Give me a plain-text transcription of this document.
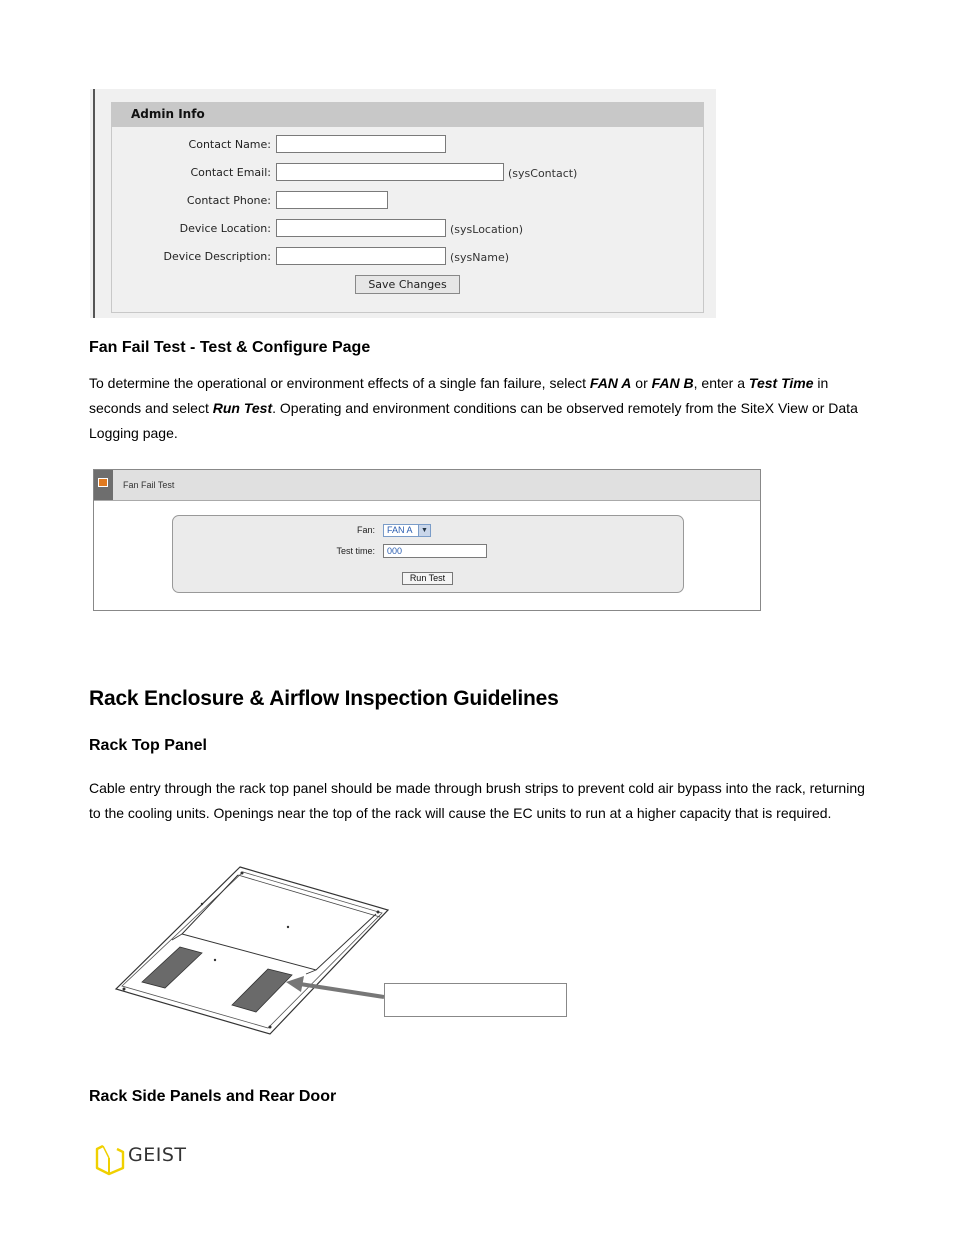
Admin Info
Contact Name:
Contact Email:	(sysContact)
Contact Phone:
Device Location:	(sysLocation)
Device Description:	(sysName)
Save Changes
Fan Fail Test - Test & Configure Page

To determine the operational or environment effects of a single fan failure, select FAN A or FAN B, enter a Test Time in seconds and select Run Test. Operating and environment conditions can be observed remotely from the SiteX View or Data Logging page.

Fan Fail Test
Fan:	FAN A	▼
Test time:	000
Run Test
Rack Enclosure & Airflow Inspection Guidelines
Rack Top Panel

Cable entry through the rack top panel should be made through brush strips to prevent cold air bypass into the rack, returning to the cooling units. Openings near the top of the rack will cause the EC units to run at a higher capacity that is required.

Rack Side Panels and Rear Door
GEIST
